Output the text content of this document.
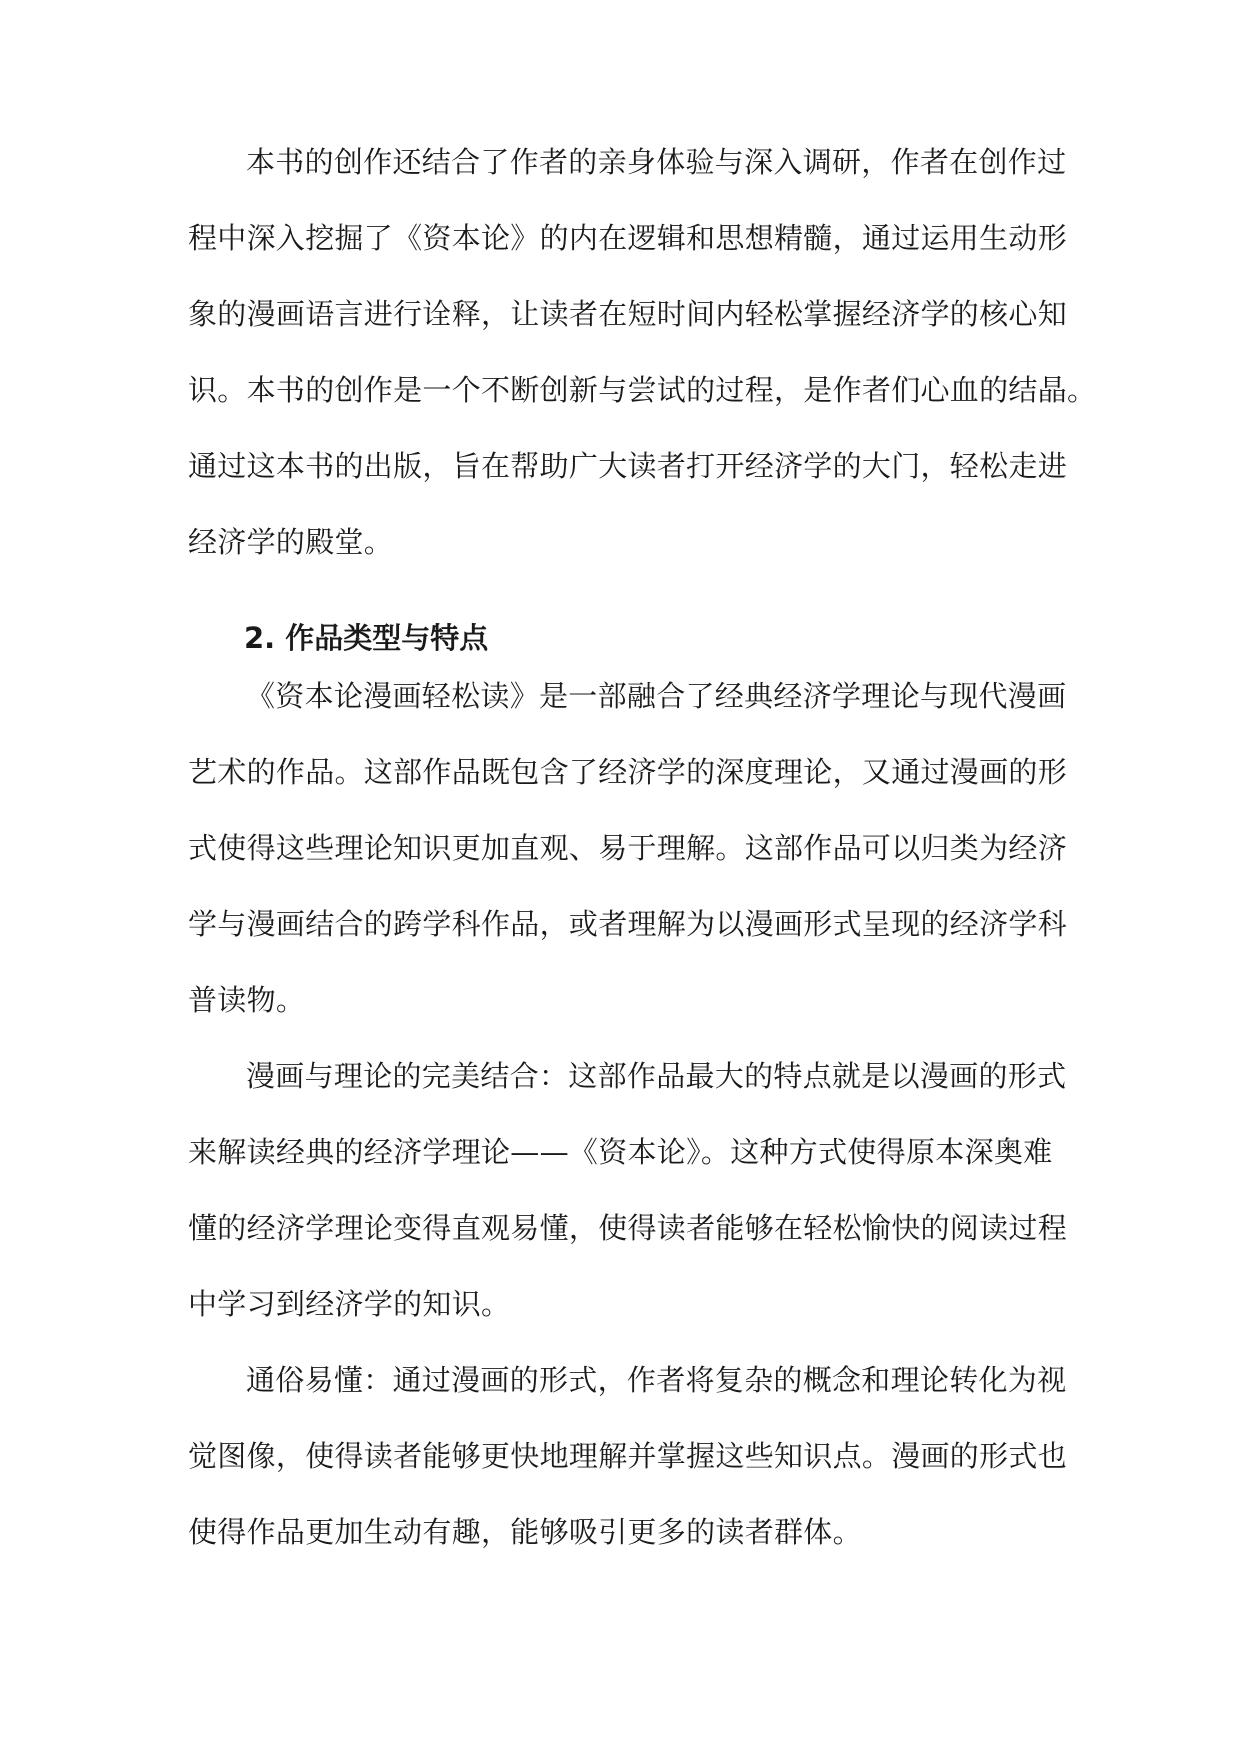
本书的创作还结合了作者的亲身体验与深入调研，作者在创作过
程中深入挖掘了《资本论》的内在逻辑和思想精髓，通过运用生动形
象的漫画语言进行诠释，让读者在短时间内轻松掌握经济学的核心知
识。本书的创作是一个不断创新与尝试的过程，是作者们心血的结晶。
通过这本书的出版，旨在帮助广大读者打开经济学的大门，轻松走进
经济学的殿堂。
2. 作品类型与特点
《资本论漫画轻松读》是一部融合了经典经济学理论与现代漫画
艺术的作品。这部作品既包含了经济学的深度理论，又通过漫画的形
式使得这些理论知识更加直观、易于理解。这部作品可以归类为经济
学与漫画结合的跨学科作品，或者理解为以漫画形式呈现的经济学科
普读物。
漫画与理论的完美结合：这部作品最大的特点就是以漫画的形式
来解读经典的经济学理论——《资本论》。这种方式使得原本深奥难
懂的经济学理论变得直观易懂，使得读者能够在轻松愉快的阅读过程
中学习到经济学的知识。
通俗易懂：通过漫画的形式，作者将复杂的概念和理论转化为视
觉图像，使得读者能够更快地理解并掌握这些知识点。漫画的形式也
使得作品更加生动有趣，能够吸引更多的读者群体。
